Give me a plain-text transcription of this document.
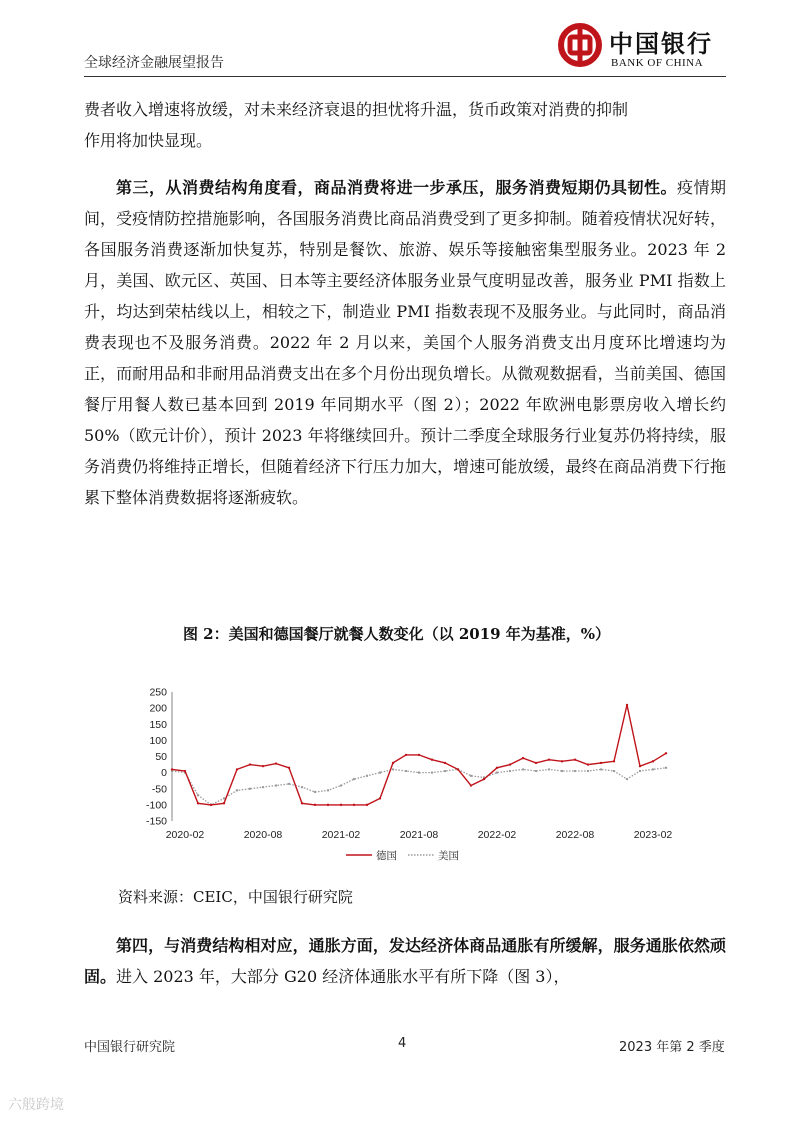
全球经济金融展望报告
中国银行
BANK OF CHINA

费者收入增速将放缓，对未来经济衰退的担忧将升温，货币政策对消费的抑制
作用将加快显现。

第三，从消费结构角度看，商品消费将进一步承压，服务消费短期仍具韧性。疫情期间，受疫情防控措施影响，各国服务消费比商品消费受到了更多抑制。随着疫情状况好转，各国服务消费逐渐加快复苏，特别是餐饮、旅游、娱乐等接触密集型服务业。2023 年 2 月，美国、欧元区、英国、日本等主要经济体服务业景气度明显改善，服务业 PMI 指数上升，均达到荣枯线以上，相较之下，制造业 PMI 指数表现不及服务业。与此同时，商品消费表现也不及服务消费。2022 年 2 月以来，美国个人服务消费支出月度环比增速均为正，而耐用品和非耐用品消费支出在多个月份出现负增长。从微观数据看，当前美国、德国餐厅用餐人数已基本回到 2019 年同期水平（图 2）；2022 年欧洲电影票房收入增长约 50%（欧元计价），预计 2023 年将继续回升。预计二季度全球服务行业复苏仍将持续，服务消费仍将维持正增长，但随着经济下行压力加大，增速可能放缓，最终在商品消费下行拖累下整体消费数据将逐渐疲软。

图 2：美国和德国餐厅就餐人数变化（以 2019 年为基准，%）
250
200
150
100
50
0
-50
-100
-150
2020-02	2020-08	2021-02	2021-08	2022-02	2022-08	2023-02
德国	美国
资料来源：CEIC，中国银行研究院

第四，与消费结构相对应，通胀方面，发达经济体商品通胀有所缓解，服务通胀依然顽固。进入 2023 年，大部分 G20 经济体通胀水平有所下降（图 3），

中国银行研究院	4	2023 年第 2 季度
六般跨境
